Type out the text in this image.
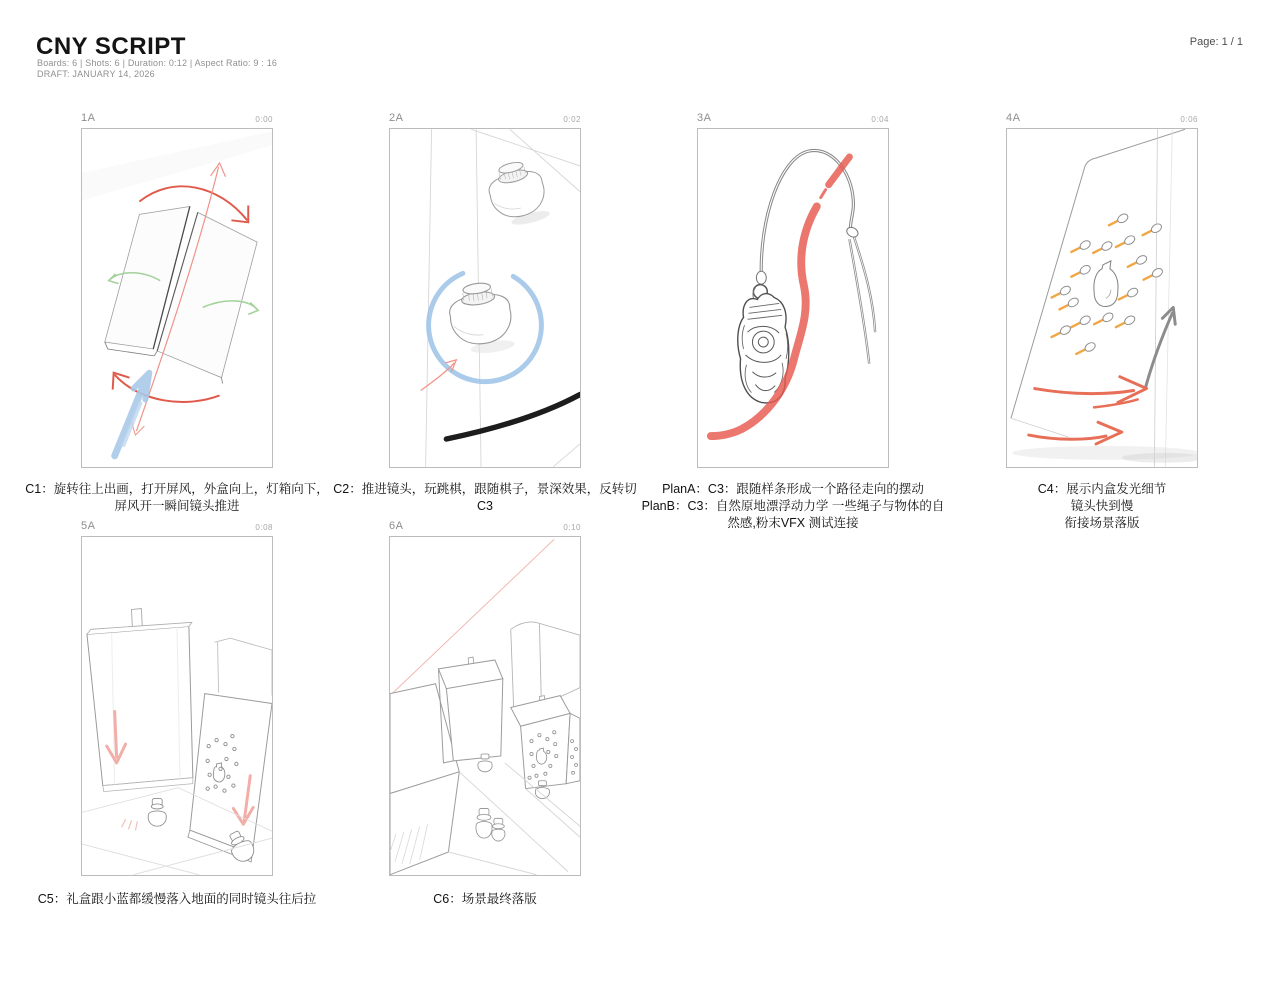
CNY SCRIPT
Boards: 6 | Shots: 6 | Duration: 0:12 | Aspect Ratio: 9 : 16
DRAFT: JANUARY 14, 2026
Page: 1 / 1
1A	0:00
C1：旋转往上出画，打开屏风，外盒向上，灯箱向下，
屏风开一瞬间镜头推进
2A	0:02
C2：推进镜头，玩跳棋，跟随棋子，景深效果，反转切
C3
3A	0:04
PlanA：C3：跟随样条形成一个路径走向的摆动
PlanB：C3：自然原地漂浮动力学 一些绳子与物体的自
然感,粉末VFX 测试连接
4A	0:06
C4：展示内盒发光细节
镜头快到慢
衔接场景落版
5A	0:08
C5：礼盒跟小蓝都缓慢落入地面的同时镜头往后拉
6A	0:10
C6：场景最终落版
